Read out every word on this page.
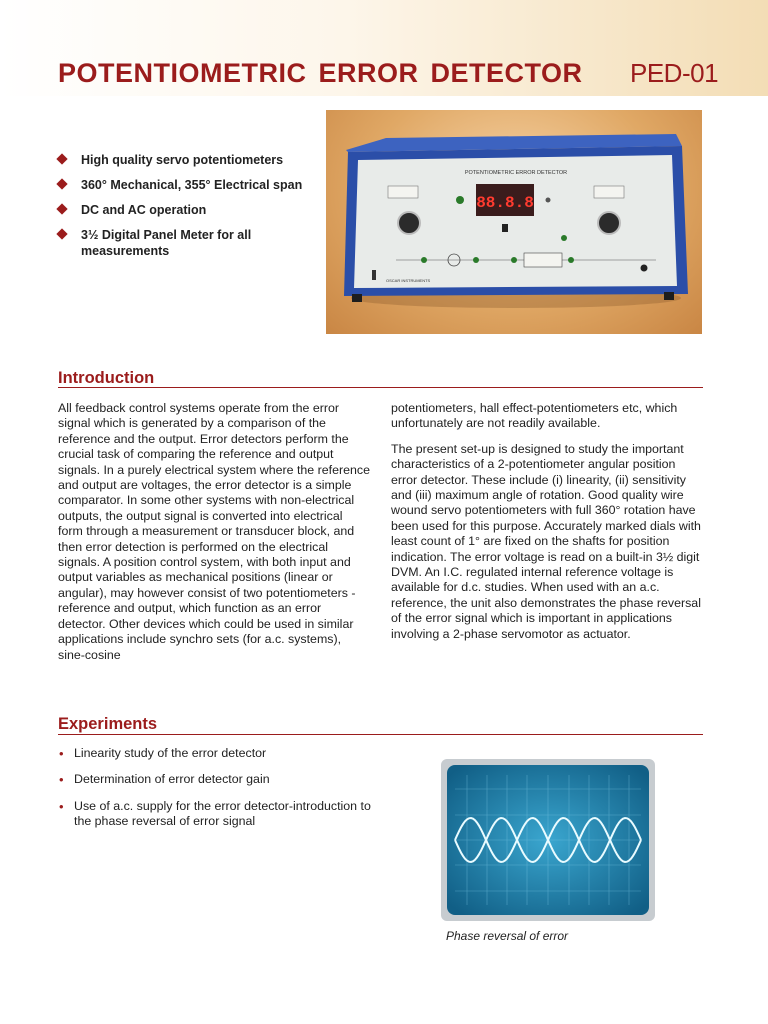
POTENTIOMETRIC ERROR DETECTOR PED-01
High quality servo potentiometers
360° Mechanical, 355° Electrical span
DC and AC operation
3½ Digital Panel Meter for all measurements
POTENTIOMETRIC ERROR DETECTOR
88.8.8
OSCAR INSTRUMENTS
Introduction

All feedback control systems operate from the error signal which is generated by a comparison of the reference and the output. Error detectors perform the crucial task of comparing the reference and output signals. In a purely electrical system where the reference and output are voltages, the error detector is a simple comparator. In some other systems with non-electrical outputs, the output signal is converted into electrical form through a measurement or transducer block, and then error detection is performed on the electrical signals. A position control system, with both input and output variables as mechanical positions (linear or angular), may however consist of two potentiometers - reference and output, which function as an error detector. Other devices which could be used in similar applications include synchro sets (for a.c. systems), sine-cosine

potentiometers, hall effect-potentiometers etc, which unfortunately are not readily available.

The present set-up is designed to study the important characteristics of a 2-potentiometer angular position error detector. These include (i) linearity, (ii) sensitivity and (iii) maximum angle of rotation. Good quality wire wound servo potentiometers with full 360° rotation have been used for this purpose. Accurately marked dials with least count of 1° are fixed on the shafts for position indication. The error voltage is read on a built-in 3½ digit DVM. An I.C. regulated internal reference voltage is available for d.c. studies. When used with an a.c. reference, the unit also demonstrates the phase reversal of the error signal which is important in applications involving a 2-phase servomotor as actuator.

Experiments
• Linearity study of the error detector
• Determination of error detector gain
• Use of a.c. supply for the error detector-introduction to the phase reversal of error signal
Phase reversal of error
